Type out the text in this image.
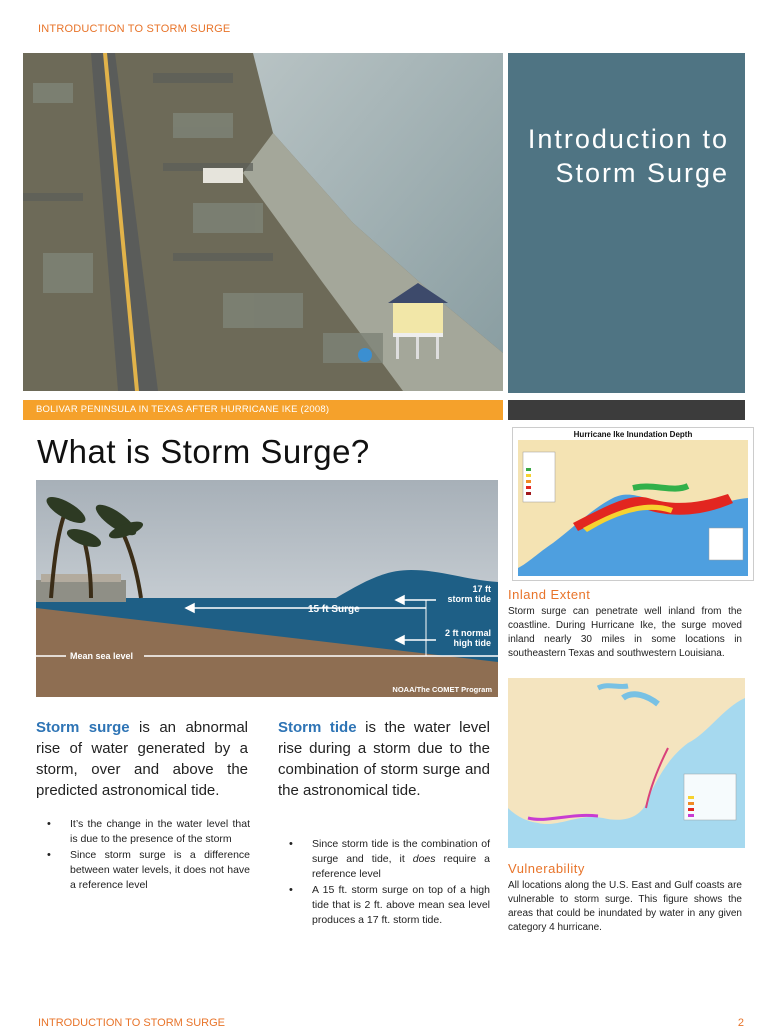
INTRODUCTION TO STORM SURGE
BOLIVAR PENINSULA IN TEXAS AFTER HURRICANE IKE (2008)
Introduction to
Storm Surge
What is Storm Surge?
15 ft Surge
17 ft
storm tide
2 ft normal
high tide
Mean sea level
NOAA/The COMET Program
Storm surge is an abnormal rise of water generated by a storm, over and above the predicted astronomical tide.
• It’s the change in the water level that is due to the presence of the storm
• Since storm surge is a difference between water levels, it does not have a reference level
Storm tide is the water level rise during a storm due to the combination of storm surge and the astronomical tide.
• Since storm tide is the combination of surge and tide, it does require a reference level
• A 15 ft. storm surge on top of a high tide that is 2 ft. above mean sea level produces a 17 ft. storm tide.
Hurricane Ike Inundation Depth
Inland Extent
Storm surge can penetrate well inland from the coastline. During Hurricane Ike, the surge moved inland nearly 30 miles in some locations in southeastern Texas and southwestern Louisiana.
Vulnerability
All locations along the U.S. East and Gulf coasts are vulnerable to storm surge. This figure shows the areas that could be inundated by water in any given category 4 hurricane.
INTRODUCTION TO STORM SURGE	2
